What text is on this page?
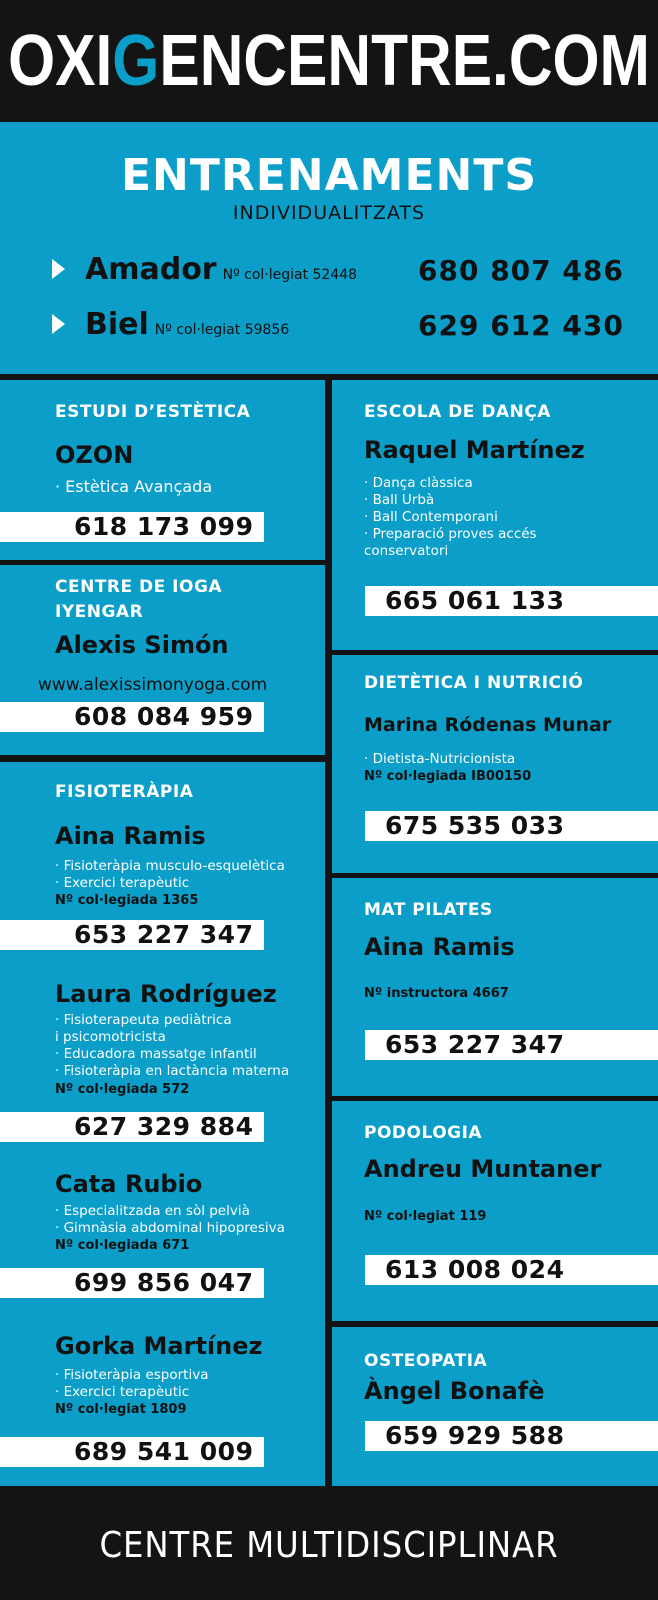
OXIGENCENTRE.COM
ENTRENAMENTS
INDIVIDUALITZATS
Amador Nº col·legiat 52448 680 807 486
Biel Nº col·legiat 59856	629 612 430
ESTUDI D’ESTÈTICA
OZON
· Estètica Avançada
618 173 099
CENTRE DE IOGA
IYENGAR
Alexis Simón
www.alexissimonyoga.com
608 084 959
FISIOTERÀPIA
Aina Ramis
· Fisioteràpia musculo-esquelètica
· Exercici terapèutic
Nº col·legiada 1365
653 227 347
Laura Rodríguez
· Fisioterapeuta pediàtrica
i psicomotricista
· Educadora massatge infantil
· Fisioteràpia en lactància materna
Nº col·legiada 572
627 329 884
Cata Rubio
· Especialitzada en sòl pelvià
· Gimnàsia abdominal hipopresiva
Nº col·legiada 671
699 856 047
Gorka Martínez
· Fisioteràpia esportiva
· Exercici terapèutic
Nº col·legiat 1809
689 541 009
ESCOLA DE DANÇA
Raquel Martínez
· Dança clàssica
· Ball Urbà
· Ball Contemporani
· Preparació proves accés
conservatori
665 061 133
DIETÈTICA I NUTRICIÓ
Marina Ródenas Munar
· Dietista-Nutricionista
Nº col·legiada IB00150
675 535 033
MAT PILATES
Aina Ramis
Nº instructora 4667
653 227 347
PODOLOGIA
Andreu Muntaner
Nº col·legiat 119
613 008 024
OSTEOPATIA
Àngel Bonafè
659 929 588
CENTRE MULTIDISCIPLINAR
